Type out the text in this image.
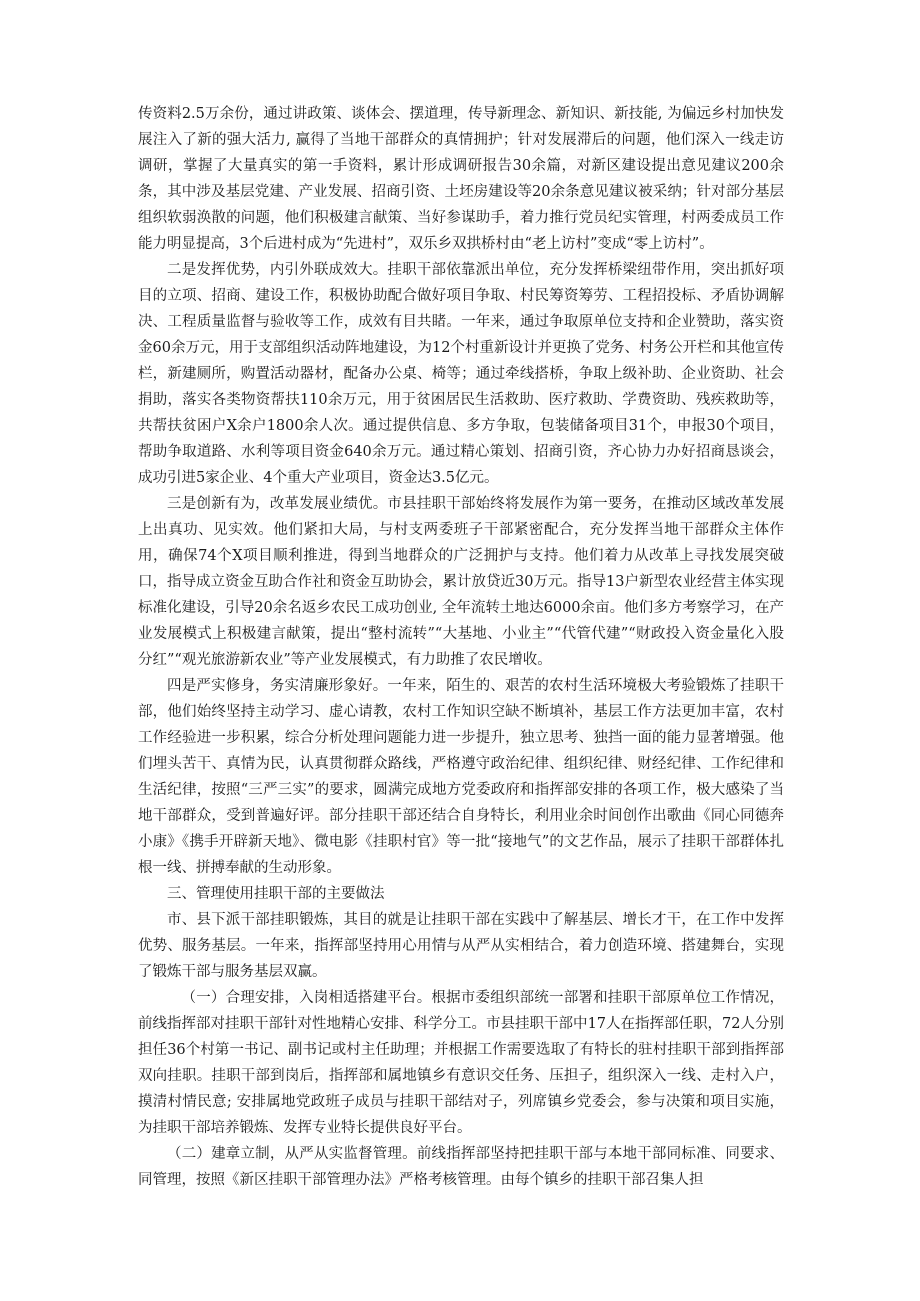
传资料2.5万余份，通过讲政策、谈体会、摆道理，传导新理念、新知识、新技能, 为偏远乡村加快发展注入了新的强大活力, 赢得了当地干部群众的真情拥护；针对发展滞后的问题，他们深入一线走访调研，掌握了大量真实的第一手资料，累计形成调研报告30余篇，对新区建设提出意见建议200余条，其中涉及基层党建、产业发展、招商引资、土坯房建设等20余条意见建议被采纳；针对部分基层组织软弱涣散的问题，他们积极建言献策、当好参谋助手，着力推行党员纪实管理，村两委成员工作能力明显提高，3个后进村成为“先进村”，双乐乡双拱桥村由“老上访村”变成“零上访村”。

二是发挥优势，内引外联成效大。挂职干部依靠派出单位，充分发挥桥梁纽带作用，突出抓好项目的立项、招商、建设工作，积极协助配合做好项目争取、村民筹资筹劳、工程招投标、矛盾协调解决、工程质量监督与验收等工作，成效有目共睹。一年来，通过争取原单位支持和企业赞助，落实资金60余万元，用于支部组织活动阵地建设，为12个村重新设计并更换了党务、村务公开栏和其他宣传栏，新建厕所，购置活动器材，配备办公桌、椅等；通过牵线搭桥，争取上级补助、企业资助、社会捐助，落实各类物资帮扶110余万元，用于贫困居民生活救助、医疗救助、学费资助、残疾救助等，共帮扶贫困户X余户1800余人次。通过提供信息、多方争取，包装储备项目31个，申报30个项目，帮助争取道路、水利等项目资金640余万元。通过精心策划、招商引资，齐心协力办好招商恳谈会，成功引进5家企业、4个重大产业项目，资金达3.5亿元。

三是创新有为，改革发展业绩优。市县挂职干部始终将发展作为第一要务，在推动区域改革发展上出真功、见实效。他们紧扣大局，与村支两委班子干部紧密配合，充分发挥当地干部群众主体作用，确保74个X项目顺利推进，得到当地群众的广泛拥护与支持。他们着力从改革上寻找发展突破口，指导成立资金互助合作社和资金互助协会，累计放贷近30万元。指导13户新型农业经营主体实现标准化建设，引导20余名返乡农民工成功创业, 全年流转土地达6000余亩。他们多方考察学习，在产业发展模式上积极建言献策，提出“整村流转”“大基地、小业主”“代管代建”“财政投入资金量化入股分红”“观光旅游新农业”等产业发展模式，有力助推了农民增收。

四是严实修身，务实清廉形象好。一年来，陌生的、艰苦的农村生活环境极大考验锻炼了挂职干部，他们始终坚持主动学习、虚心请教，农村工作知识空缺不断填补，基层工作方法更加丰富，农村工作经验进一步积累，综合分析处理问题能力进一步提升，独立思考、独挡一面的能力显著增强。他们埋头苦干、真情为民，认真贯彻群众路线，严格遵守政治纪律、组织纪律、财经纪律、工作纪律和生活纪律，按照“三严三实”的要求，圆满完成地方党委政府和指挥部安排的各项工作，极大感染了当地干部群众，受到普遍好评。部分挂职干部还结合自身特长，利用业余时间创作出歌曲《同心同德奔小康》《携手开辟新天地》、微电影《挂职村官》等一批“接地气”的文艺作品，展示了挂职干部群体扎根一线、拼搏奉献的生动形象。

三、管理使用挂职干部的主要做法

市、县下派干部挂职锻炼，其目的就是让挂职干部在实践中了解基层、增长才干，在工作中发挥优势、服务基层。一年来，指挥部坚持用心用情与从严从实相结合，着力创造环境、搭建舞台，实现了锻炼干部与服务基层双赢。

（一）合理安排，入岗相适搭建平台。根据市委组织部统一部署和挂职干部原单位工作情况，前线指挥部对挂职干部针对性地精心安排、科学分工。市县挂职干部中17人在指挥部任职，72人分别担任36个村第一书记、副书记或村主任助理；并根据工作需要选取了有特长的驻村挂职干部到指挥部双向挂职。挂职干部到岗后，指挥部和属地镇乡有意识交任务、压担子，组织深入一线、走村入户，摸清村情民意; 安排属地党政班子成员与挂职干部结对子，列席镇乡党委会，参与决策和项目实施，为挂职干部培养锻炼、发挥专业特长提供良好平台。

（二）建章立制，从严从实监督管理。前线指挥部坚持把挂职干部与本地干部同标准、同要求、同管理，按照《新区挂职干部管理办法》严格考核管理。由每个镇乡的挂职干部召集人担
